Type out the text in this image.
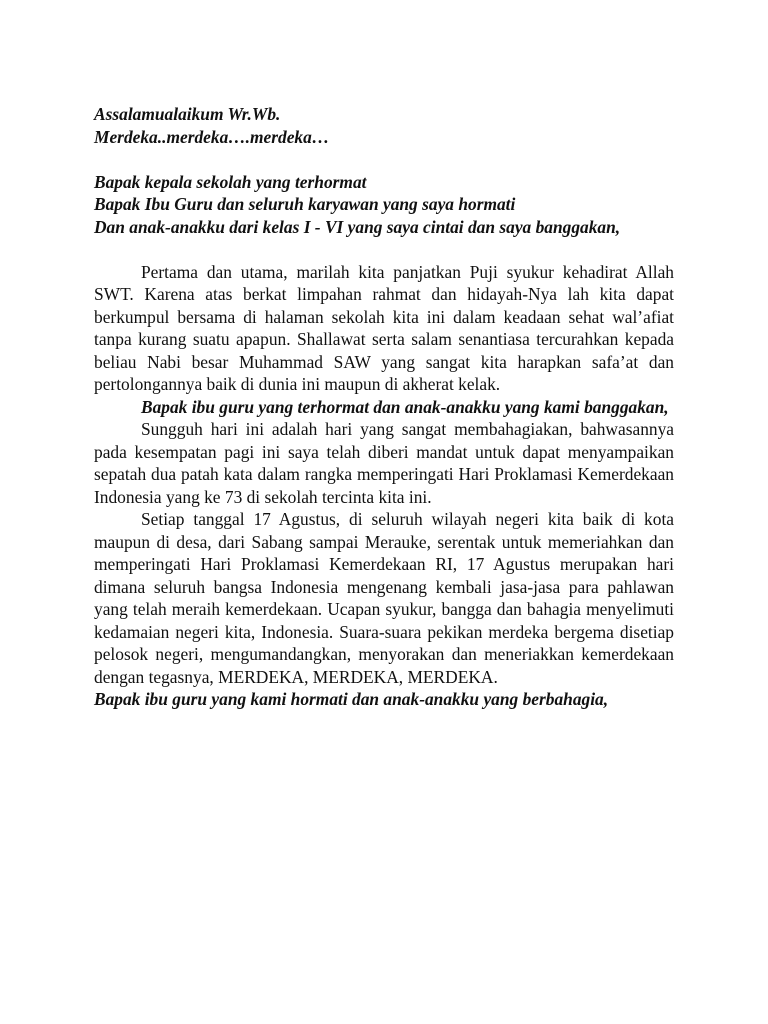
Assalamualaikum Wr.Wb.
Merdeka..merdeka….merdeka…

Bapak kepala sekolah yang terhormat
Bapak Ibu Guru dan seluruh karyawan yang saya hormati
Dan anak-anakku dari kelas I - VI yang saya cintai dan saya banggakan,

Pertama dan utama, marilah kita panjatkan Puji syukur kehadirat Allah SWT. Karena atas berkat limpahan rahmat dan hidayah-Nya lah kita dapat berkumpul bersama di halaman sekolah kita ini dalam keadaan sehat wal’afiat tanpa kurang suatu apapun. Shallawat serta salam senantiasa tercurahkan kepada beliau Nabi besar Muhammad SAW yang sangat kita harapkan safa’at dan pertolongannya baik di dunia ini maupun di akherat kelak.

Bapak ibu guru yang terhormat dan anak-anakku yang kami banggakan,

Sungguh hari ini adalah hari yang sangat membahagiakan, bahwasannya pada kesempatan pagi ini saya telah diberi mandat untuk dapat menyampaikan sepatah dua patah kata dalam rangka memperingati Hari Proklamasi Kemerdekaan Indonesia yang ke 73 di sekolah tercinta kita ini.

Setiap tanggal 17 Agustus, di seluruh wilayah negeri kita baik di kota maupun di desa, dari Sabang sampai Merauke, serentak untuk memeriahkan dan memperingati Hari Proklamasi Kemerdekaan RI, 17 Agustus merupakan hari dimana seluruh bangsa Indonesia mengenang kembali jasa-jasa para pahlawan yang telah meraih kemerdekaan. Ucapan syukur, bangga dan bahagia menyelimuti kedamaian negeri kita, Indonesia. Suara-suara pekikan merdeka bergema disetiap pelosok negeri, mengumandangkan, menyorakan dan meneriakkan kemerdekaan dengan tegasnya, MERDEKA, MERDEKA, MERDEKA.

Bapak ibu guru yang kami hormati dan anak-anakku yang berbahagia,
